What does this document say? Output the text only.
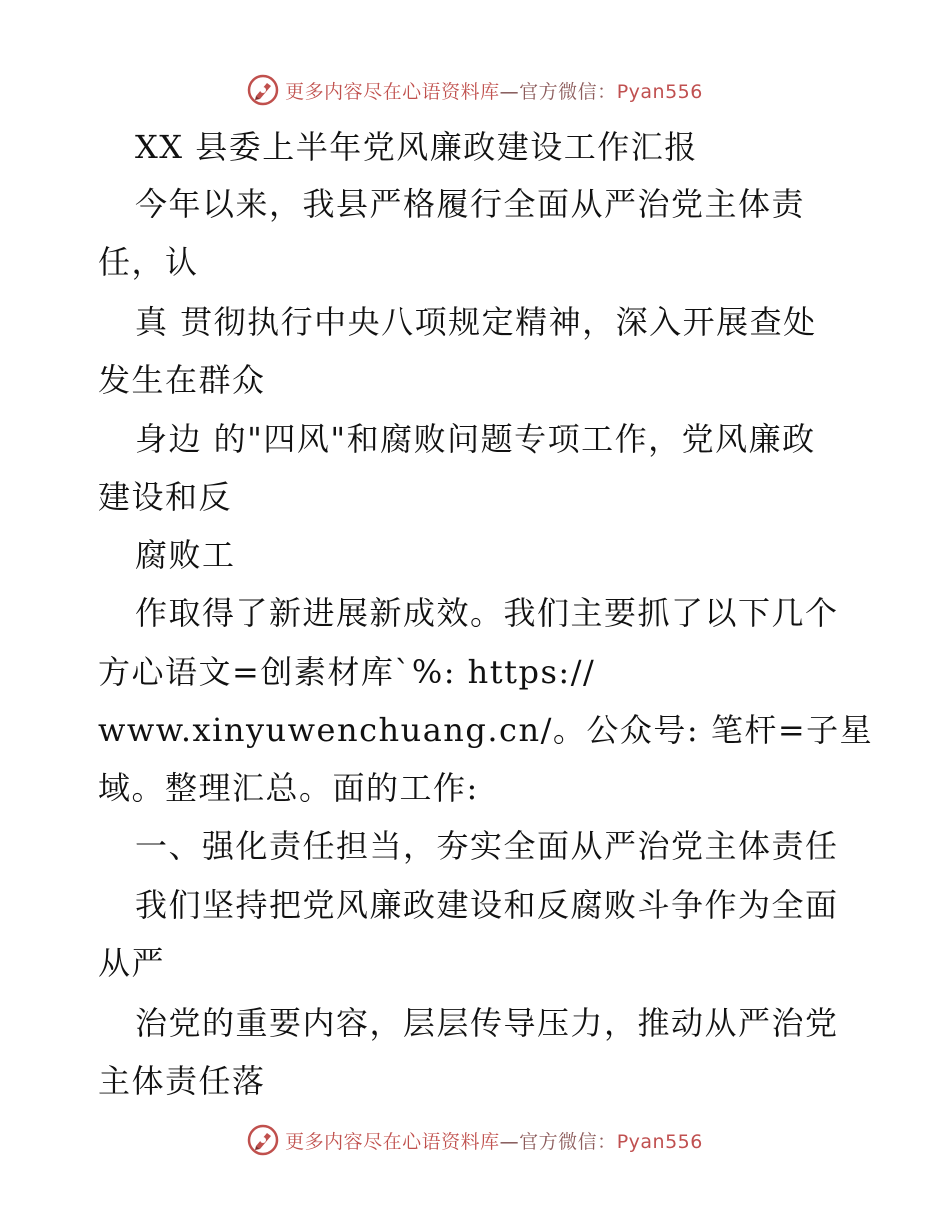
更多内容尽在心语资料库—官方微信：Pyan556
XX 县委上半年党风廉政建设工作汇报
今年以来，我县严格履行全面从严治党主体责
任，认
真 贯彻执行中央八项规定精神，深入开展查处
发生在群众
身边 的"四风"和腐败问题专项工作，党风廉政
建设和反
腐败工
作取得了新进展新成效。我们主要抓了以下几个
方心语文=创素材库`%: https://
www.xinyuwenchuang.cn/。公众号: 笔杆=子星
域。整理汇总。面的工作:
一、强化责任担当，夯实全面从严治党主体责任
我们坚持把党风廉政建设和反腐败斗争作为全面
从严
治党的重要内容，层层传导压力，推动从严治党
主体责任落
更多内容尽在心语资料库—官方微信：Pyan556
